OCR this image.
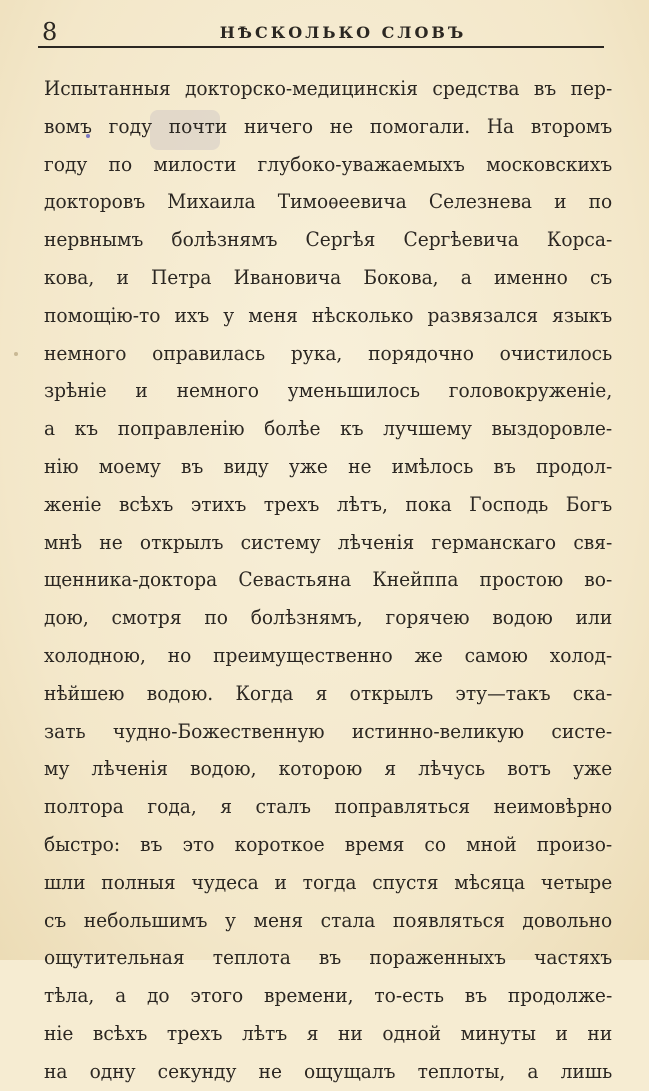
8	НѢСКОЛЬКО СЛОВЪ
Испытанныя докторско-медицинскія средства въ пер-
вомъ году почти ничего не помогали. На второмъ
году по милости глубоко-уважаемыхъ московскихъ
докторовъ Михаила Тимоѳеевича Селезнева и по
нервнымъ болѣзнямъ Сергѣя Сергѣевича Корса-
кова, и Петра Ивановича Бокова, а именно съ
помощію-то ихъ у меня нѣсколько развязался языкъ
немного оправилась рука, порядочно очистилось
зрѣніе и немного уменьшилось головокруженіе,
а къ поправленію болѣе къ лучшему выздоровле-
нію моему въ виду уже не имѣлось въ продол-
женіе всѣхъ этихъ трехъ лѣтъ, пока Господь Богъ
мнѣ не открылъ систему лѣченія германскаго свя-
щенника-доктора Севастьяна Кнейппа простою во-
дою, смотря по болѣзнямъ, горячею водою или
холодною, но преимущественно же самою холод-
нѣйшею водою. Когда я открылъ эту—такъ ска-
зать чудно-Божественную истинно-великую систе-
му лѣченія водою, которою я лѣчусь вотъ уже
полтора года, я сталъ поправляться неимовѣрно
быстро: въ это короткое время со мной произо-
шли полныя чудеса и тогда спустя мѣсяца четыре
съ небольшимъ у меня стала появляться довольно
ощутительная теплота въ пораженныхъ частяхъ
тѣла, а до этого времени, то-есть въ продолже-
ніе всѣхъ трехъ лѣтъ я ни одной минуты и ни
на одну секунду не ощущалъ теплоты, а лишь
